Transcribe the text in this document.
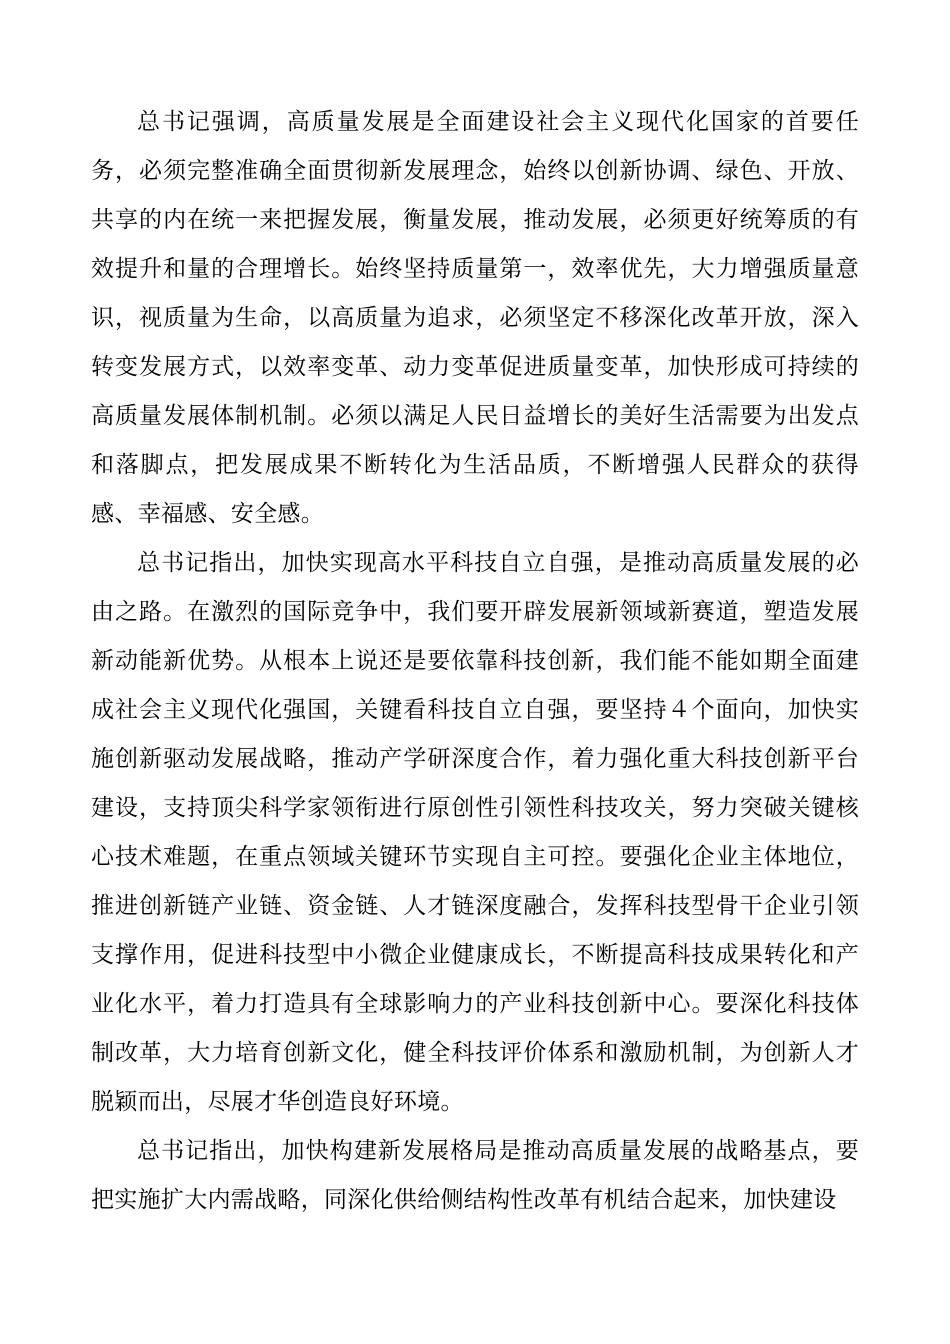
总书记强调，高质量发展是全面建设社会主义现代化国家的首要任务，必须完整准确全面贯彻新发展理念，始终以创新协调、绿色、开放、共享的内在统一来把握发展，衡量发展，推动发展，必须更好统筹质的有效提升和量的合理增长。始终坚持质量第一，效率优先，大力增强质量意识，视质量为生命，以高质量为追求，必须坚定不移深化改革开放，深入转变发展方式，以效率变革、动力变革促进质量变革，加快形成可持续的高质量发展体制机制。必须以满足人民日益增长的美好生活需要为出发点和落脚点，把发展成果不断转化为生活品质，不断增强人民群众的获得感、幸福感、安全感。

总书记指出，加快实现高水平科技自立自强，是推动高质量发展的必由之路。在激烈的国际竞争中，我们要开辟发展新领域新赛道，塑造发展新动能新优势。从根本上说还是要依靠科技创新，我们能不能如期全面建成社会主义现代化强国，关键看科技自立自强，要坚持４个面向，加快实施创新驱动发展战略，推动产学研深度合作，着力强化重大科技创新平台建设，支持顶尖科学家领衔进行原创性引领性科技攻关，努力突破关键核心技术难题，在重点领域关键环节实现自主可控。要强化企业主体地位，推进创新链产业链、资金链、人才链深度融合，发挥科技型骨干企业引领支撑作用，促进科技型中小微企业健康成长，不断提高科技成果转化和产业化水平，着力打造具有全球影响力的产业科技创新中心。要深化科技体制改革，大力培育创新文化，健全科技评价体系和激励机制，为创新人才脱颖而出，尽展才华创造良好环境。

总书记指出，加快构建新发展格局是推动高质量发展的战略基点，要把实施扩大内需战略，同深化供给侧结构性改革有机结合起来，加快建设
